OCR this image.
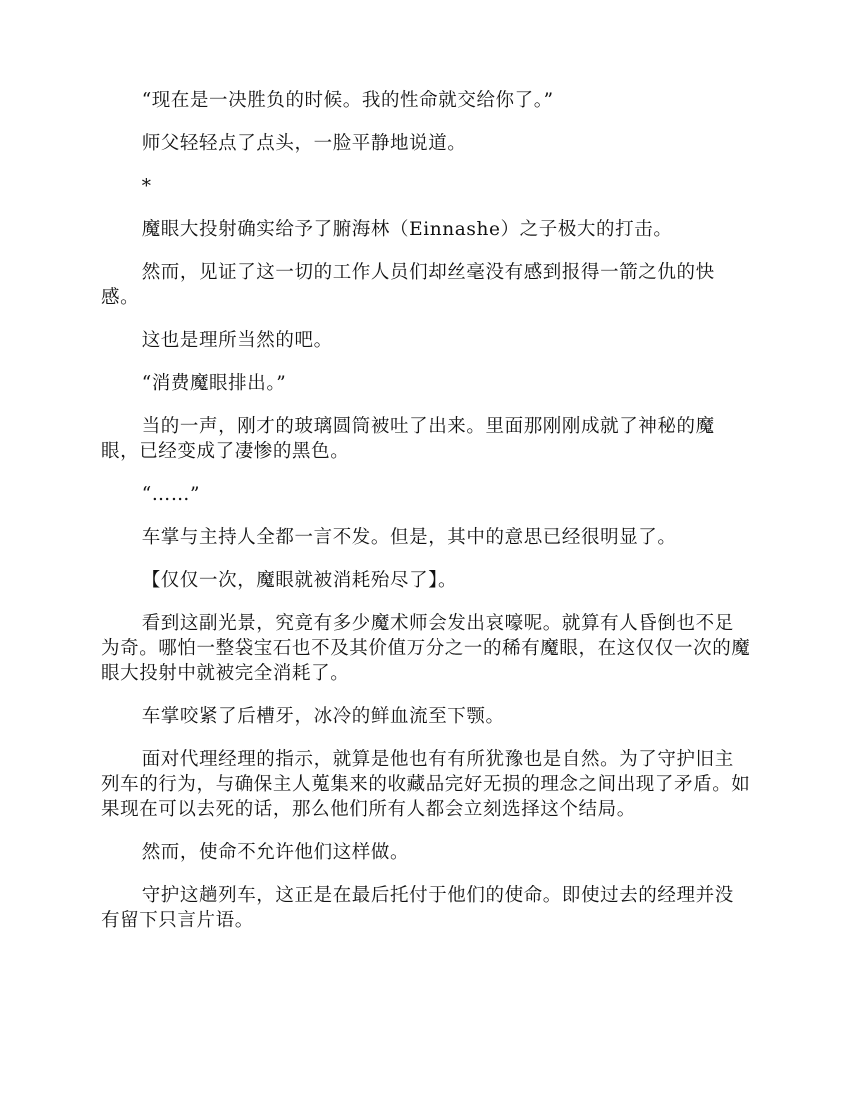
“现在是一决胜负的时候。我的性命就交给你了。”

师父轻轻点了点头，一脸平静地说道。

*

魔眼大投射确实给予了腑海林（Einnashe）之子极大的打击。

然而，见证了这一切的工作人员们却丝毫没有感到报得一箭之仇的快感。

这也是理所当然的吧。

“消费魔眼排出。”

当的一声，刚才的玻璃圆筒被吐了出来。里面那刚刚成就了神秘的魔眼，已经变成了凄惨的黑色。

“……”

车掌与主持人全都一言不发。但是，其中的意思已经很明显了。

【仅仅一次，魔眼就被消耗殆尽了】。

看到这副光景，究竟有多少魔术师会发出哀嚎呢。就算有人昏倒也不足为奇。哪怕一整袋宝石也不及其价值万分之一的稀有魔眼，在这仅仅一次的魔眼大投射中就被完全消耗了。

车掌咬紧了后槽牙，冰冷的鲜血流至下颚。

面对代理经理的指示，就算是他也有有所犹豫也是自然。为了守护旧主列车的行为，与确保主人蒐集来的收藏品完好无损的理念之间出现了矛盾。如果现在可以去死的话，那么他们所有人都会立刻选择这个结局。

然而，使命不允许他们这样做。

守护这趟列车，这正是在最后托付于他们的使命。即使过去的经理并没有留下只言片语。
